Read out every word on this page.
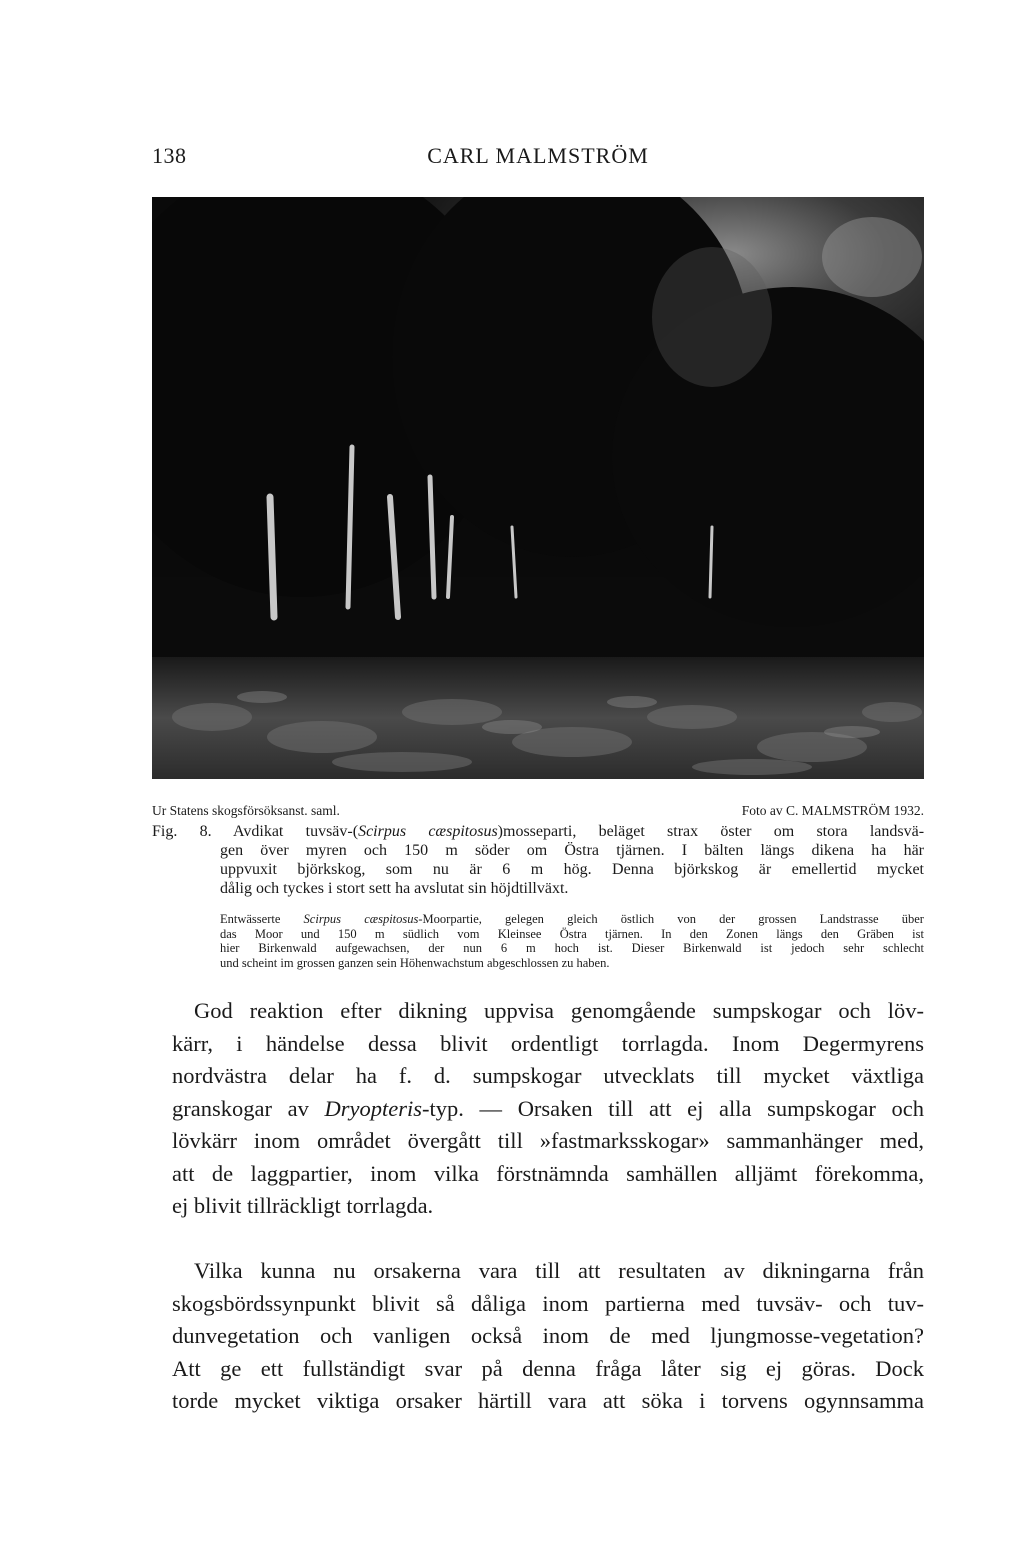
138	CARL MALMSTRÖM
Ur Statens skogsförsöksanst. saml.	Foto av C. MALMSTRÖM 1932.
Fig. 8. Avdikat tuvsäv-(Scirpus cæspitosus)mosseparti, beläget strax öster om stora landsvä-
gen över myren och 150 m söder om Östra tjärnen. I bälten längs dikena ha här
uppvuxit björkskog, som nu är 6 m hög. Denna björkskog är emellertid mycket
dålig och tyckes i stort sett ha avslutat sin höjdtillväxt.
Entwässerte Scirpus cæspitosus-Moorpartie, gelegen gleich östlich von der grossen Landstrasse über
das Moor und 150 m südlich vom Kleinsee Östra tjärnen. In den Zonen längs den Gräben ist
hier Birkenwald aufgewachsen, der nun 6 m hoch ist. Dieser Birkenwald ist jedoch sehr schlecht
und scheint im grossen ganzen sein Höhenwachstum abgeschlossen zu haben.
God reaktion efter dikning uppvisa genomgående sumpskogar och löv-
kärr, i händelse dessa blivit ordentligt torrlagda. Inom Degermyrens
nordvästra delar ha f. d. sumpskogar utvecklats till mycket växtliga
granskogar av Dryopteris-typ. — Orsaken till att ej alla sumpskogar och
lövkärr inom området övergått till »fastmarksskogar» sammanhänger med,
att de laggpartier, inom vilka förstnämnda samhällen alljämt förekomma,
ej blivit tillräckligt torrlagda.
Vilka kunna nu orsakerna vara till att resultaten av dikningarna från
skogsbördssynpunkt blivit så dåliga inom partierna med tuvsäv- och tuv-
dunvegetation och vanligen också inom de med ljungmosse-vegetation?
Att ge ett fullständigt svar på denna fråga låter sig ej göras. Dock
torde mycket viktiga orsaker härtill vara att söka i torvens ogynnsamma
